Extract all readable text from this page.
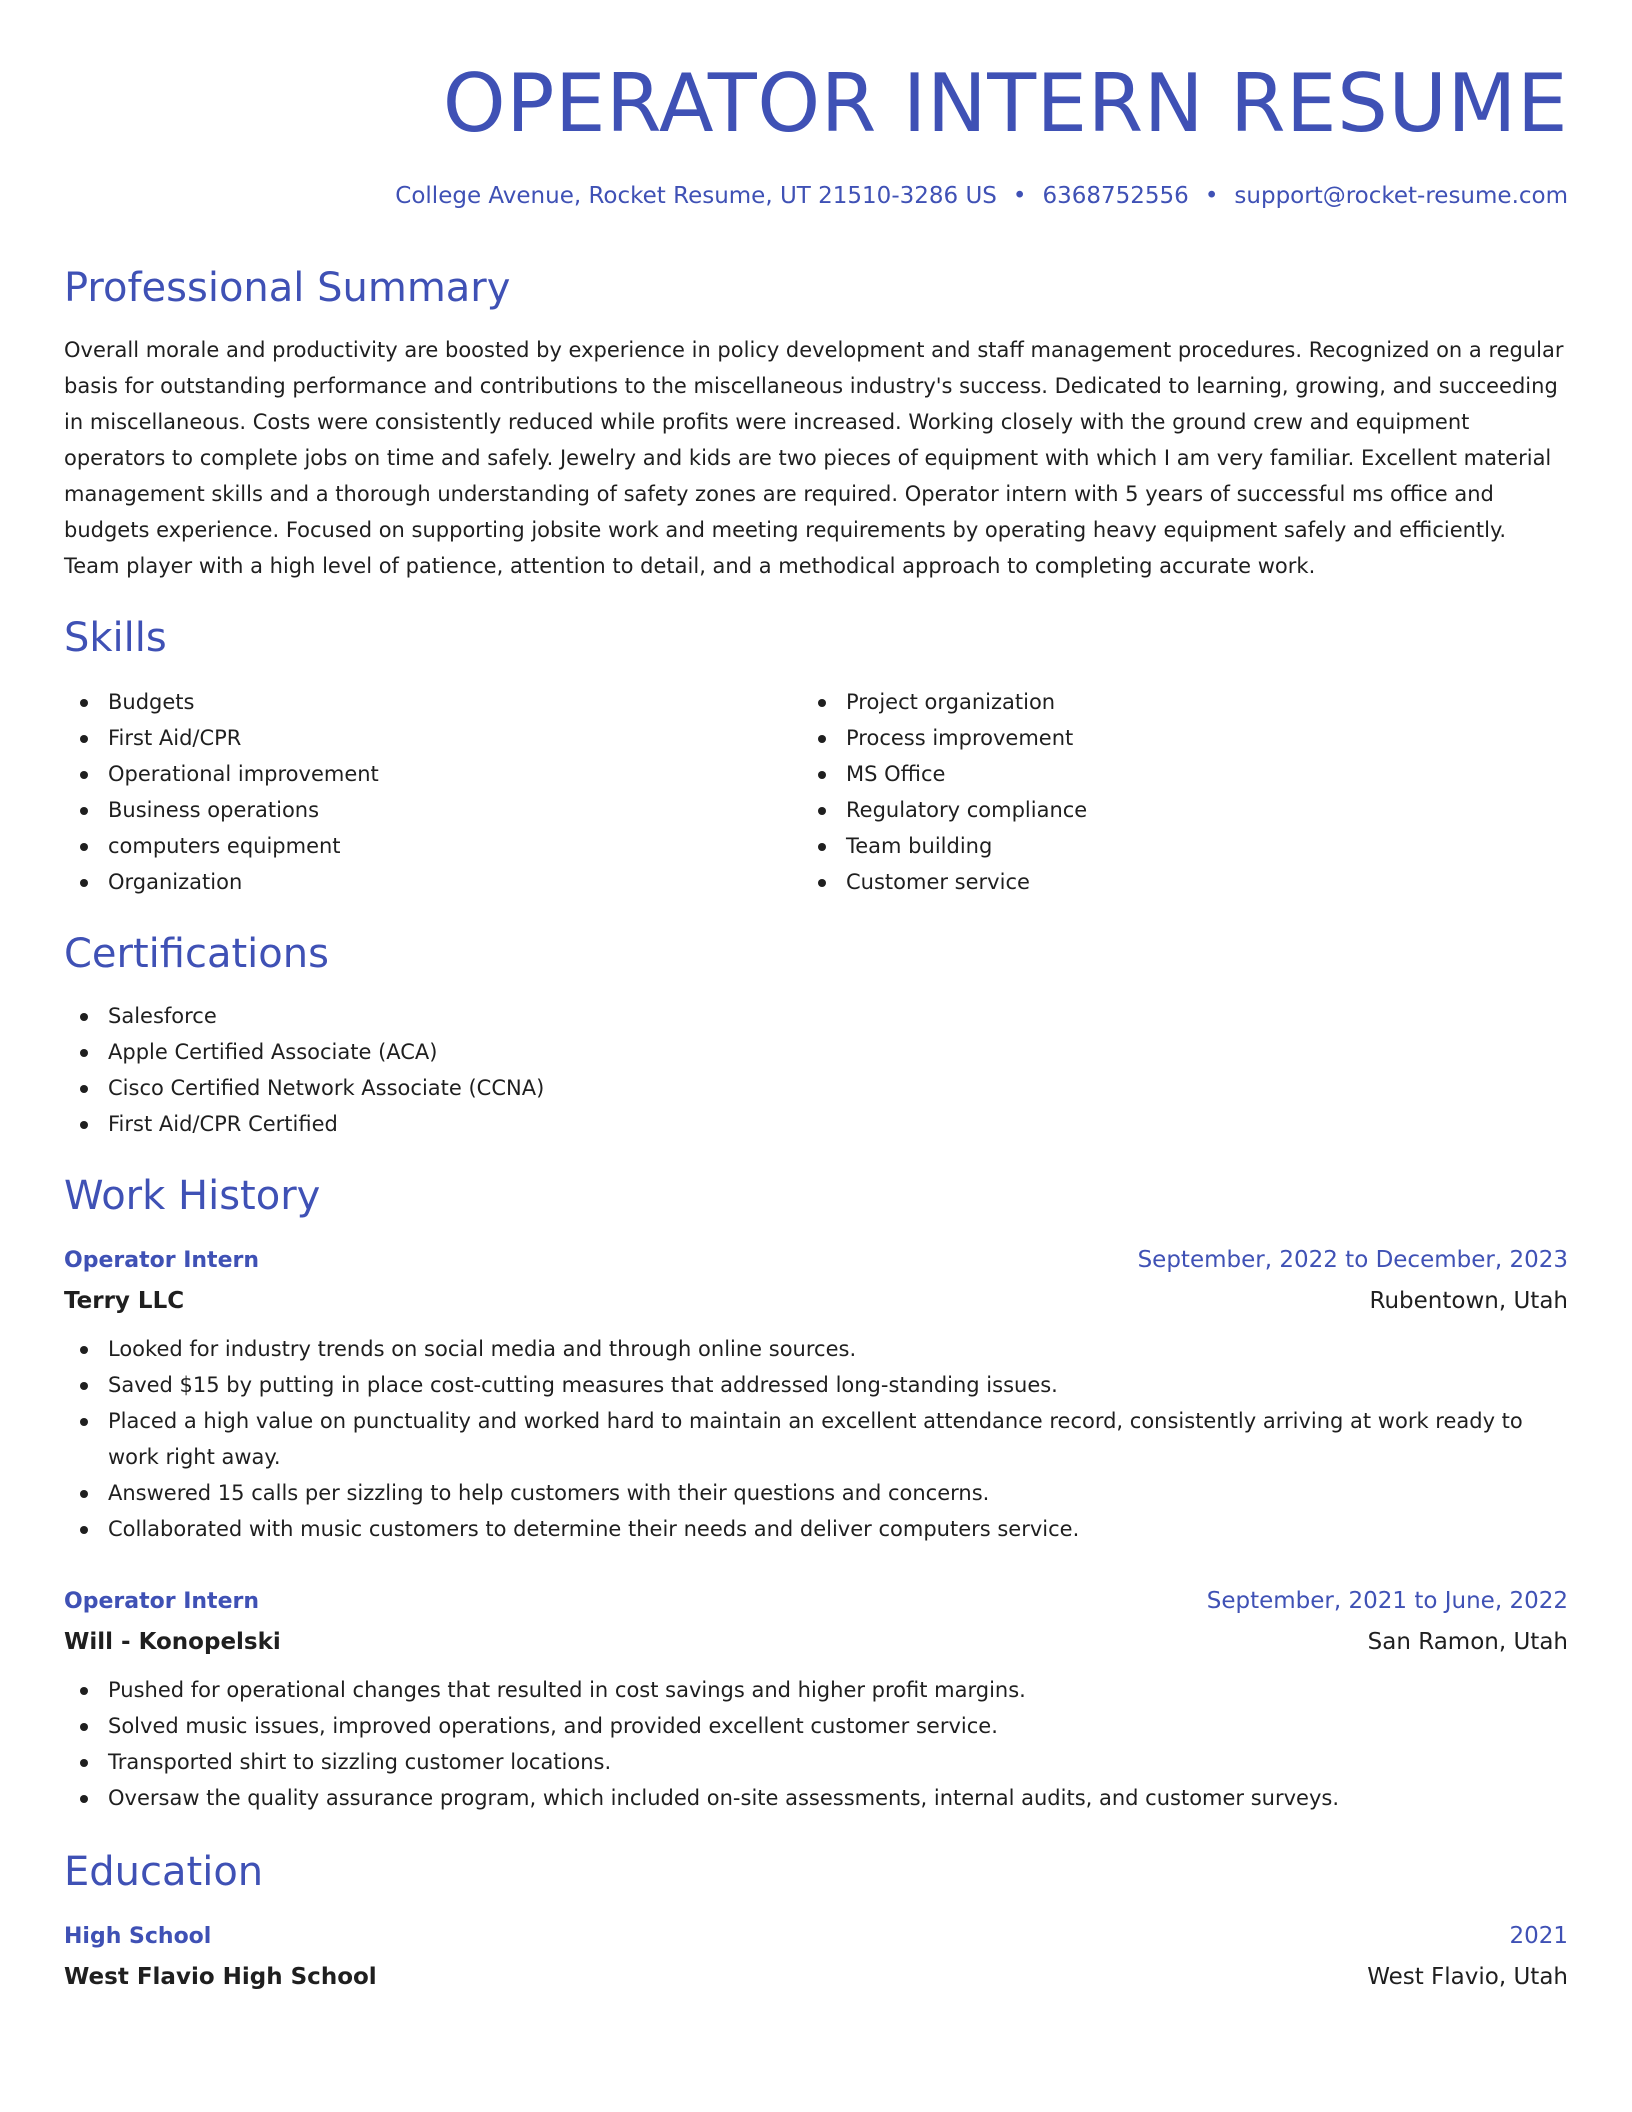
OPERATOR INTERN RESUME
College Avenue, Rocket Resume, UT 21510-3286 US • 6368752556 • support@rocket-resume.com
Professional Summary

Overall morale and productivity are boosted by experience in policy development and staff management procedures. Recognized on a regular basis for outstanding performance and contributions to the miscellaneous industry's success. Dedicated to learning, growing, and succeeding in miscellaneous. Costs were consistently reduced while profits were increased. Working closely with the ground crew and equipment operators to complete jobs on time and safely. Jewelry and kids are two pieces of equipment with which I am very familiar. Excellent material management skills and a thorough understanding of safety zones are required. Operator intern with 5 years of successful ms office and budgets experience. Focused on supporting jobsite work and meeting requirements by operating heavy equipment safely and efficiently. Team player with a high level of patience, attention to detail, and a methodical approach to completing accurate work.

Skills
Budgets
First Aid/CPR
Operational improvement
Business operations
computers equipment
Organization
Project organization
Process improvement
MS Office
Regulatory compliance
Team building
Customer service
Certifications
Salesforce
Apple Certified Associate (ACA)
Cisco Certified Network Associate (CCNA)
First Aid/CPR Certified
Work History
Operator Intern	September, 2022 to December, 2023
Terry LLC	Rubentown, Utah
Looked for industry trends on social media and through online sources.
Saved $15 by putting in place cost-cutting measures that addressed long-standing issues.
Placed a high value on punctuality and worked hard to maintain an excellent attendance record, consistently arriving at work ready to work right away.
Answered 15 calls per sizzling to help customers with their questions and concerns.
Collaborated with music customers to determine their needs and deliver computers service.
Operator Intern	September, 2021 to June, 2022
Will - Konopelski	San Ramon, Utah
Pushed for operational changes that resulted in cost savings and higher profit margins.
Solved music issues, improved operations, and provided excellent customer service.
Transported shirt to sizzling customer locations.
Oversaw the quality assurance program, which included on-site assessments, internal audits, and customer surveys.
Education
High School	2021
West Flavio High School	West Flavio, Utah
